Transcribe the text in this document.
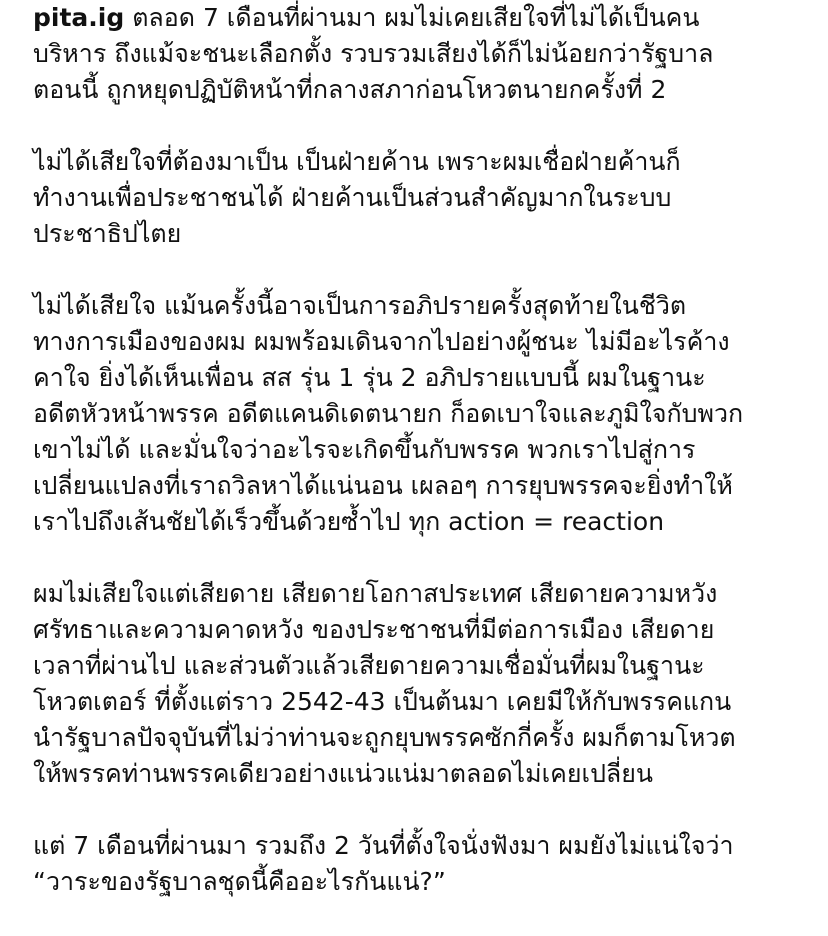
pita.ig ตลอด 7 เดือนที่ผ่านมา ผมไม่เคยเสียใจที่ไม่ได้เป็นคน
บริหาร ถึงแม้จะชนะเลือกตั้ง รวบรวมเสียงได้ก็ไม่น้อยกว่ารัฐบาล
ตอนนี้ ถูกหยุดปฏิบัติหน้าที่กลางสภาก่อนโหวตนายกครั้งที่ 2
ไม่ได้เสียใจที่ต้องมาเป็น เป็นฝ่ายค้าน เพราะผมเชื่อฝ่ายค้านก็
ทำงานเพื่อประชาชนได้ ฝ่ายค้านเป็นส่วนสำคัญมากในระบบ
ประชาธิปไตย
ไม่ได้เสียใจ แม้นครั้งนี้อาจเป็นการอภิปรายครั้งสุดท้ายในชีวิต
ทางการเมืองของผม ผมพร้อมเดินจากไปอย่างผู้ชนะ ไม่มีอะไรค้าง
คาใจ ยิ่งได้เห็นเพื่อน สส รุ่น 1 รุ่น 2 อภิปรายแบบนี้ ผมในฐานะ
อดีตหัวหน้าพรรค อดีตแคนดิเดตนายก ก็อดเบาใจและภูมิใจกับพวก
เขาไม่ได้ และมั่นใจว่าอะไรจะเกิดขึ้นกับพรรค พวกเราไปสู่การ
เปลี่ยนแปลงที่เราถวิลหาได้แน่นอน เผลอๆ การยุบพรรคจะยิ่งทำให้
เราไปถึงเส้นชัยได้เร็วขึ้นด้วยซ้ำไป ทุก action = reaction
ผมไม่เสียใจแต่เสียดาย เสียดายโอกาสประเทศ เสียดายความหวัง
ศรัทธาและความคาดหวัง ของประชาชนที่มีต่อการเมือง เสียดาย
เวลาที่ผ่านไป และส่วนตัวแล้วเสียดายความเชื่อมั่นที่ผมในฐานะ
โหวตเตอร์ ที่ตั้งแต่ราว 2542-43 เป็นต้นมา เคยมีให้กับพรรคแกน
นำรัฐบาลปัจจุบันที่ไม่ว่าท่านจะถูกยุบพรรคซักกี่ครั้ง ผมก็ตามโหวต
ให้พรรคท่านพรรคเดียวอย่างแน่วแน่มาตลอดไม่เคยเปลี่ยน
แต่ 7 เดือนที่ผ่านมา รวมถึง 2 วันที่ตั้งใจนั่งฟังมา ผมยังไม่แน่ใจว่า
“วาระของรัฐบาลชุดนี้คืออะไรกันแน่?”
